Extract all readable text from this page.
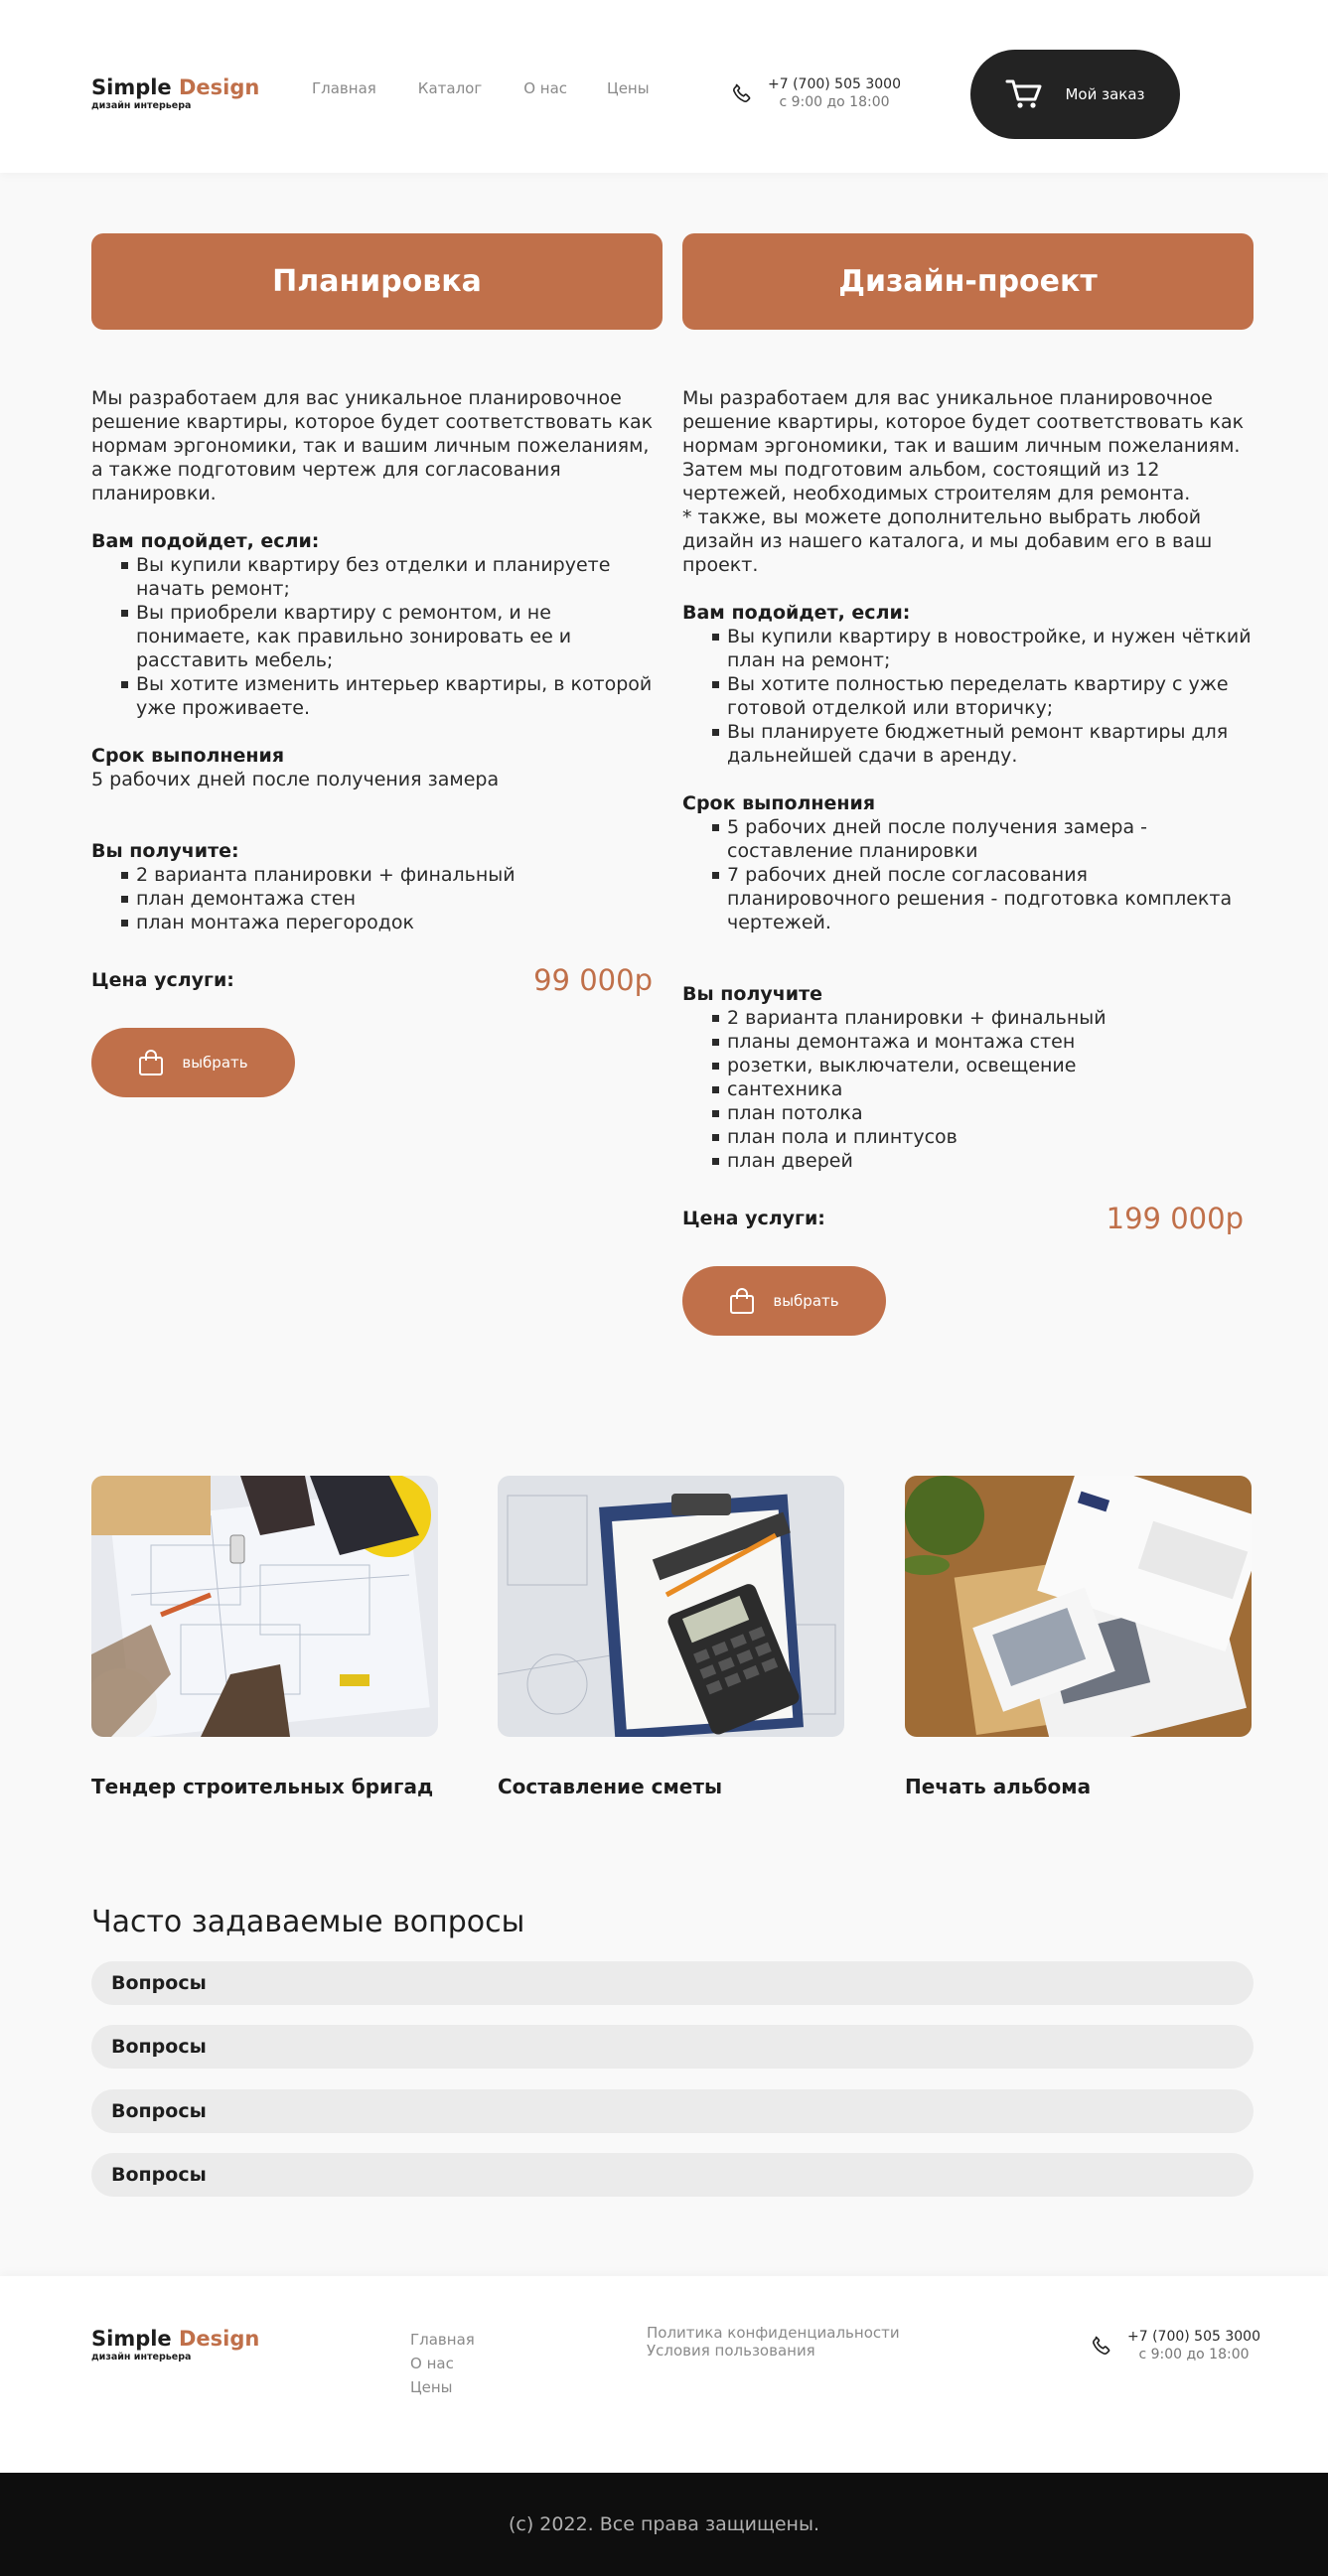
Simple Design
дизайн интерьера
Главная	Каталог	О нас	Цены	+7 (700) 505 3000
с 9:00 до 18:00	Мой заказ
Планировка

Мы разработаем для вас уникальное планировочное решение квартиры, которое будет соответствовать как нормам эргономики, так и вашим личным пожеланиям, а также подготовим чертеж для согласования планировки.

Вам подойдет, если:

Вы купили квартиру без отделки и планируете начать ремонт;
Вы приобрели квартиру с ремонтом, и не понимаете, как правильно зонировать ее и расставить мебель;
Вы хотите изменить интерьер квартиры, в которой уже проживаете.

Срок выполнения

5 рабочих дней после получения замера

Вы получите:

2 варианта планировки + финальный
план демонтажа стен
план монтажа перегородок
Цена услуги:	99 000р
выбрать
Дизайн-проект

Мы разработаем для вас уникальное планировочное решение квартиры, которое будет соответствовать как нормам эргономики, так и вашим личным пожеланиям.

Затем мы подготовим альбом, состоящий из 12 чертежей, необходимых строителям для ремонта.

* также, вы можете дополнительно выбрать любой дизайн из нашего каталога, и мы добавим его в ваш проект.

Вам подойдет, если:

Вы купили квартиру в новостройке, и нужен чёткий план на ремонт;
Вы хотите полностью переделать квартиру с уже готовой отделкой или вторичку;
Вы планируете бюджетный ремонт квартиры для дальнейшей сдачи в аренду.

Срок выполнения

5 рабочих дней после получения замера - составление планировки
7 рабочих дней после согласования планировочного решения - подготовка комплекта чертежей.

Вы получите

2 варианта планировки + финальный
планы демонтажа и монтажа стен
розетки, выключатели, освещение
сантехника
план потолка
план пола и плинтусов
план дверей
Цена услуги:	199 000р
выбрать
Тендер строительных бригад	Составление сметы	Печать альбома
Часто задаваемые вопросы
Вопросы
Вопросы
Вопросы
Вопросы
Simple Design
дизайн интерьера
Главная
О нас
Цены
Политика конфиденциальности
Условия пользования
+7 (700) 505 3000
с 9:00 до 18:00
(с) 2022. Все права защищены.
